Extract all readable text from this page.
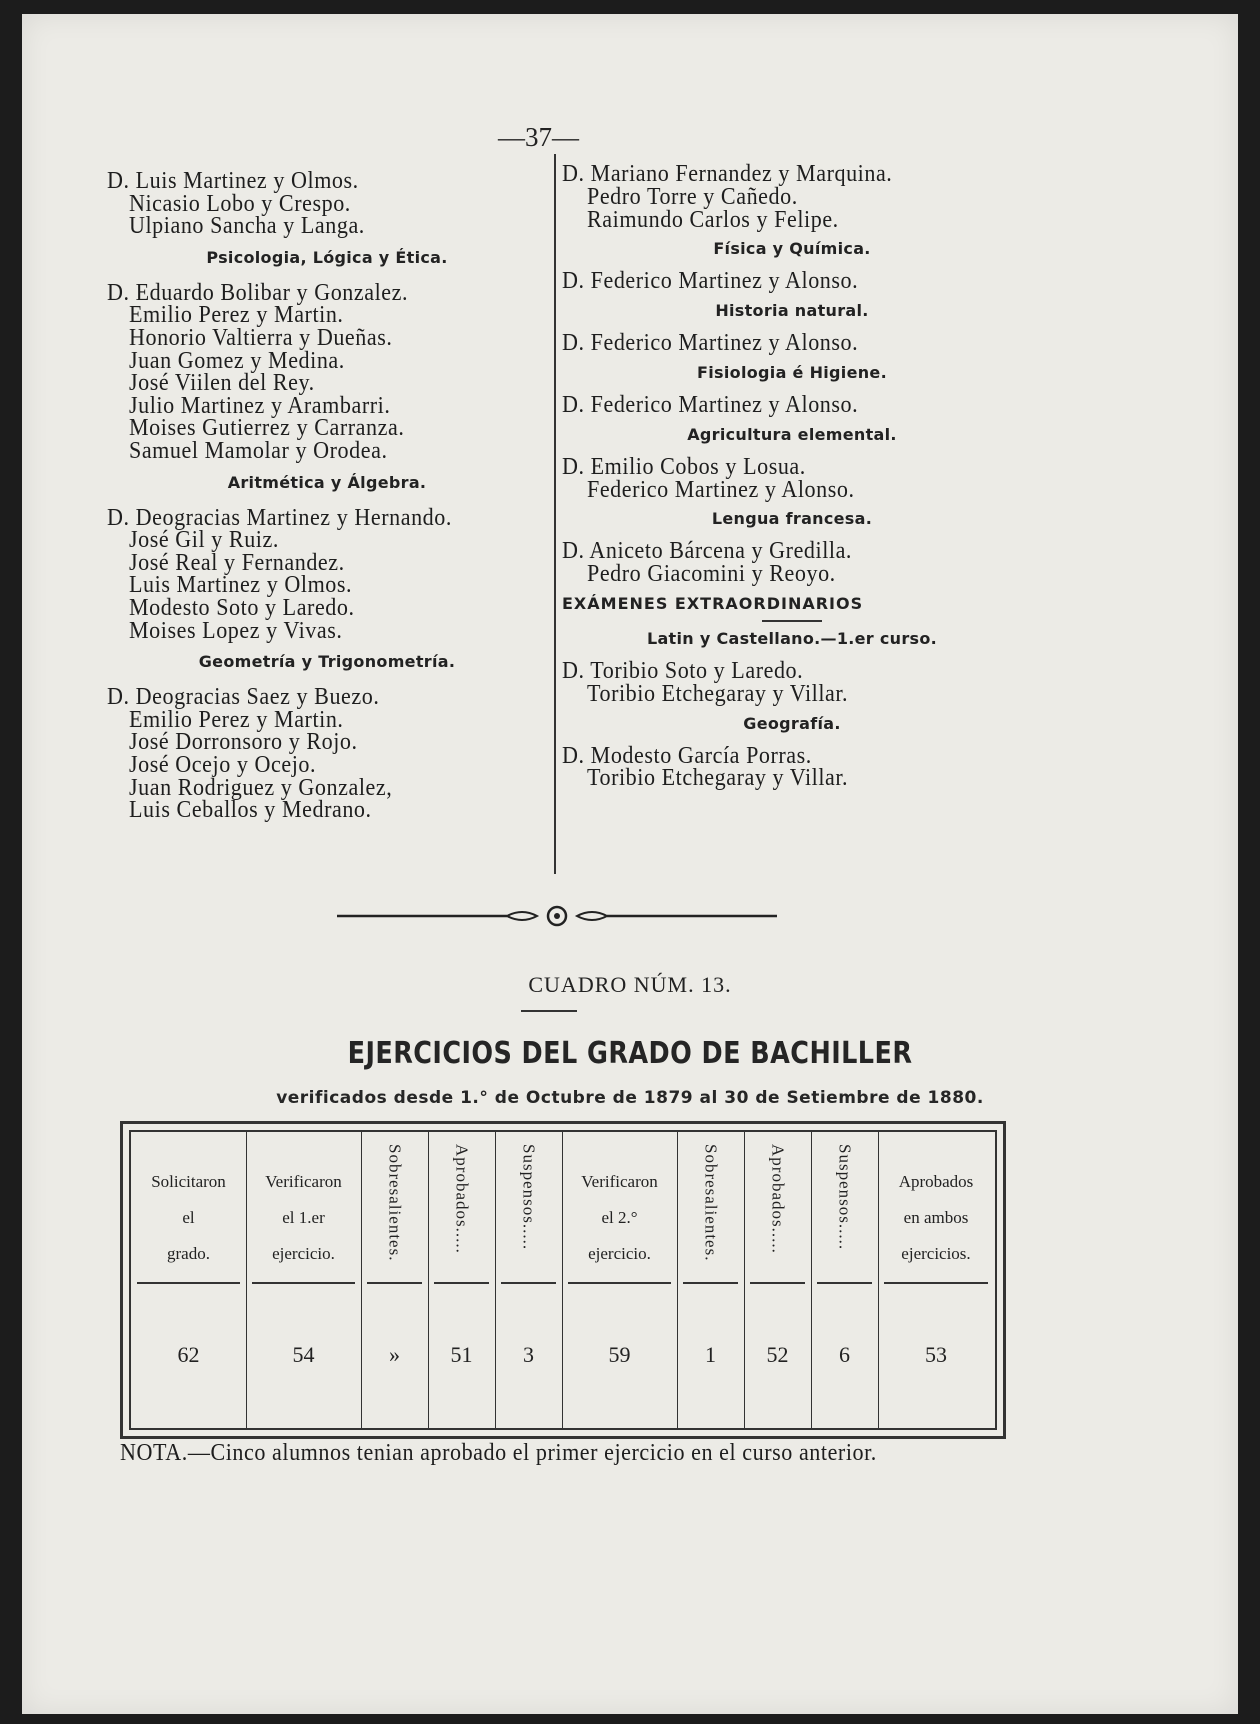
—37—
D. Luis Martinez y Olmos.
Nicasio Lobo y Crespo.
Ulpiano Sancha y Langa.
Psicologia, Lógica y Ética.
D. Eduardo Bolibar y Gonzalez.
Emilio Perez y Martin.
Honorio Valtierra y Dueñas.
Juan Gomez y Medina.
José Viilen del Rey.
Julio Martinez y Arambarri.
Moises Gutierrez y Carranza.
Samuel Mamolar y Orodea.
Aritmética y Álgebra.
D. Deogracias Martinez y Hernando.
José Gil y Ruiz.
José Real y Fernandez.
Luis Martinez y Olmos.
Modesto Soto y Laredo.
Moises Lopez y Vivas.
Geometría y Trigonometría.
D. Deogracias Saez y Buezo.
Emilio Perez y Martin.
José Dorronsoro y Rojo.
José Ocejo y Ocejo.
Juan Rodriguez y Gonzalez,
Luis Ceballos y Medrano.
D. Mariano Fernandez y Marquina.
Pedro Torre y Cañedo.
Raimundo Carlos y Felipe.
Física y Química.
D. Federico Martinez y Alonso.
Historia natural.
D. Federico Martinez y Alonso.
Fisiologia é Higiene.
D. Federico Martinez y Alonso.
Agricultura elemental.
D. Emilio Cobos y Losua.
Federico Martinez y Alonso.
Lengua francesa.
D. Aniceto Bárcena y Gredilla.
Pedro Giacomini y Reoyo.
EXÁMENES EXTRAORDINARIOS
Latin y Castellano.—1.er curso.
D. Toribio Soto y Laredo.
Toribio Etchegaray y Villar.
Geografía.
D. Modesto García Porras.
Toribio Etchegaray y Villar.
CUADRO NÚM. 13.
EJERCICIOS DEL GRADO DE BACHILLER
verificados desde 1.° de Octubre de 1879 al 30 de Setiembre de 1880.
Solicitaron
el
grado.
62
Verificaron
el 1.er
ejercicio.
54
Sobresalientes.
»
Aprobados.....
51
Suspensos.....
3
Verificaron
el 2.°
ejercicio.
59
Sobresalientes.
1
Aprobados.....
52
Suspensos.....
6
Aprobados
en ambos
ejercicios.
53
NOTA.—Cinco alumnos tenian aprobado el primer ejercicio en el curso anterior.
